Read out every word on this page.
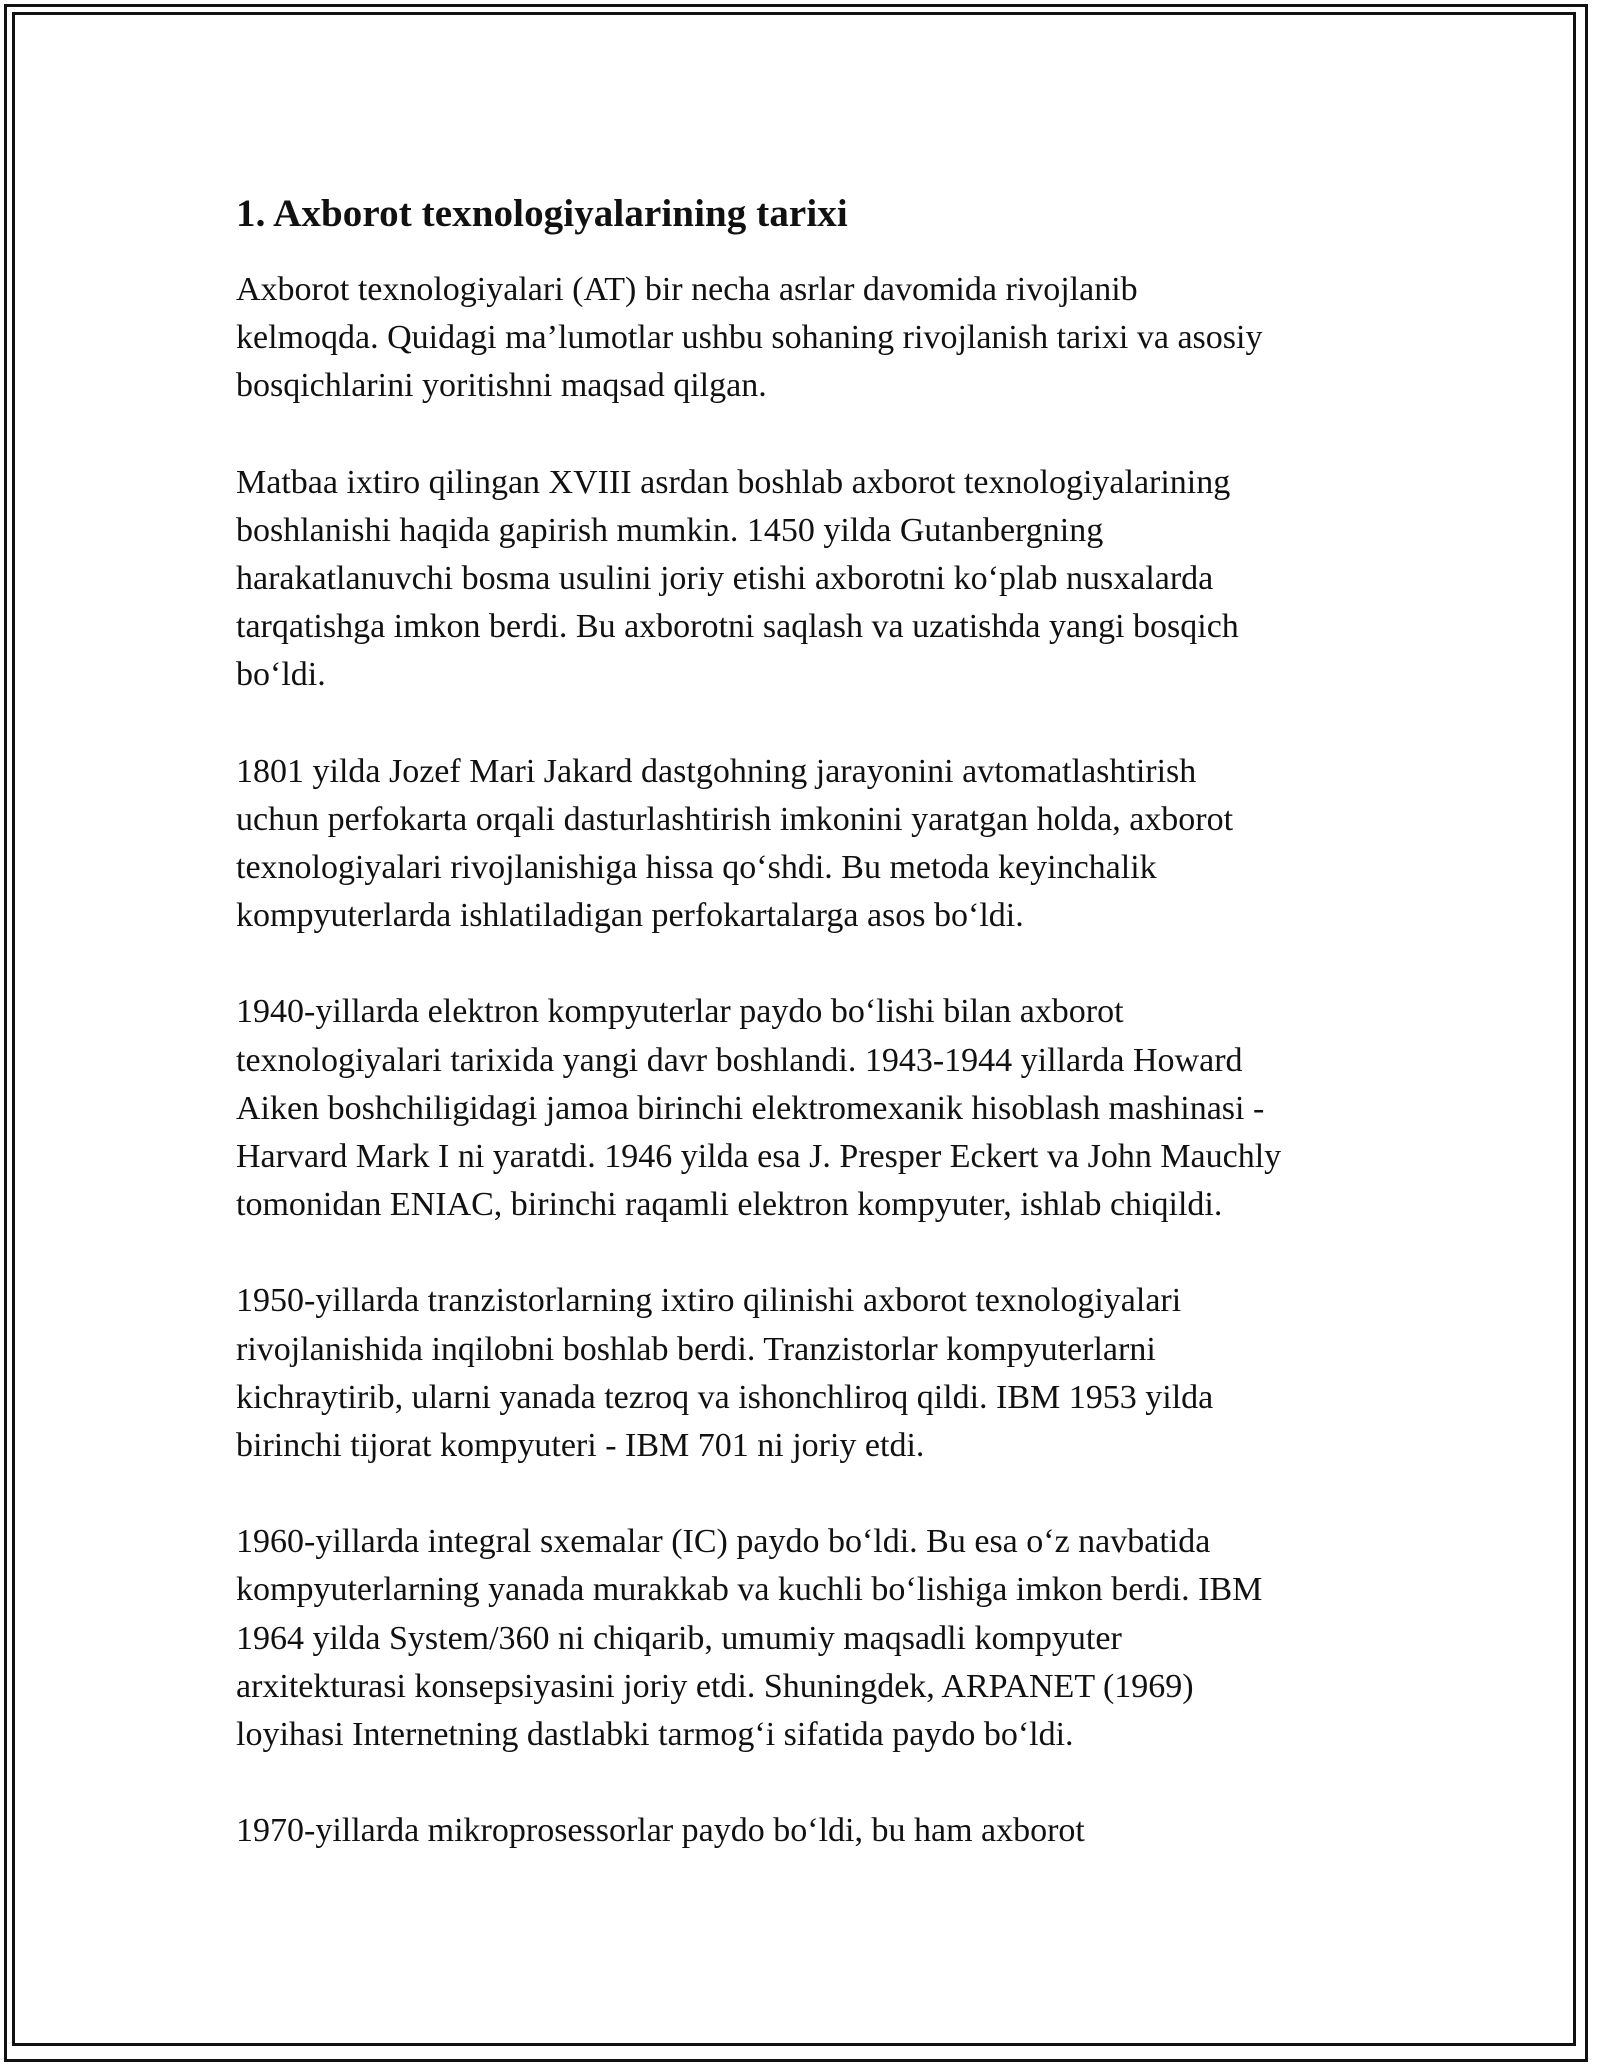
1. Axborot texnologiyalarining tarixi

Axborot texnologiyalari (AT) bir necha asrlar davomida rivojlanib
kelmoqda. Quidagi ma’lumotlar ushbu sohaning rivojlanish tarixi va asosiy
bosqichlarini yoritishni maqsad qilgan.

Matbaa ixtiro qilingan XVIII asrdan boshlab axborot texnologiyalarining
boshlanishi haqida gapirish mumkin. 1450 yilda Gutanbergning
harakatlanuvchi bosma usulini joriy etishi axborotni ko‘plab nusxalarda
tarqatishga imkon berdi. Bu axborotni saqlash va uzatishda yangi bosqich
bo‘ldi.

1801 yilda Jozef Mari Jakard dastgohning jarayonini avtomatlashtirish
uchun perfokarta orqali dasturlashtirish imkonini yaratgan holda, axborot
texnologiyalari rivojlanishiga hissa qo‘shdi. Bu metoda keyinchalik
kompyuterlarda ishlatiladigan perfokartalarga asos bo‘ldi.

1940-yillarda elektron kompyuterlar paydo bo‘lishi bilan axborot
texnologiyalari tarixida yangi davr boshlandi. 1943-1944 yillarda Howard
Aiken boshchiligidagi jamoa birinchi elektromexanik hisoblash mashinasi -
Harvard Mark I ni yaratdi. 1946 yilda esa J. Presper Eckert va John Mauchly
tomonidan ENIAC, birinchi raqamli elektron kompyuter, ishlab chiqildi.

1950-yillarda tranzistorlarning ixtiro qilinishi axborot texnologiyalari
rivojlanishida inqilobni boshlab berdi. Tranzistorlar kompyuterlarni
kichraytirib, ularni yanada tezroq va ishonchliroq qildi. IBM 1953 yilda
birinchi tijorat kompyuteri - IBM 701 ni joriy etdi.

1960-yillarda integral sxemalar (IC) paydo bo‘ldi. Bu esa o‘z navbatida
kompyuterlarning yanada murakkab va kuchli bo‘lishiga imkon berdi. IBM
1964 yilda System/360 ni chiqarib, umumiy maqsadli kompyuter
arxitekturasi konsepsiyasini joriy etdi. Shuningdek, ARPANET (1969)
loyihasi Internetning dastlabki tarmog‘i sifatida paydo bo‘ldi.

1970-yillarda mikroprosessorlar paydo bo‘ldi, bu ham axborot
